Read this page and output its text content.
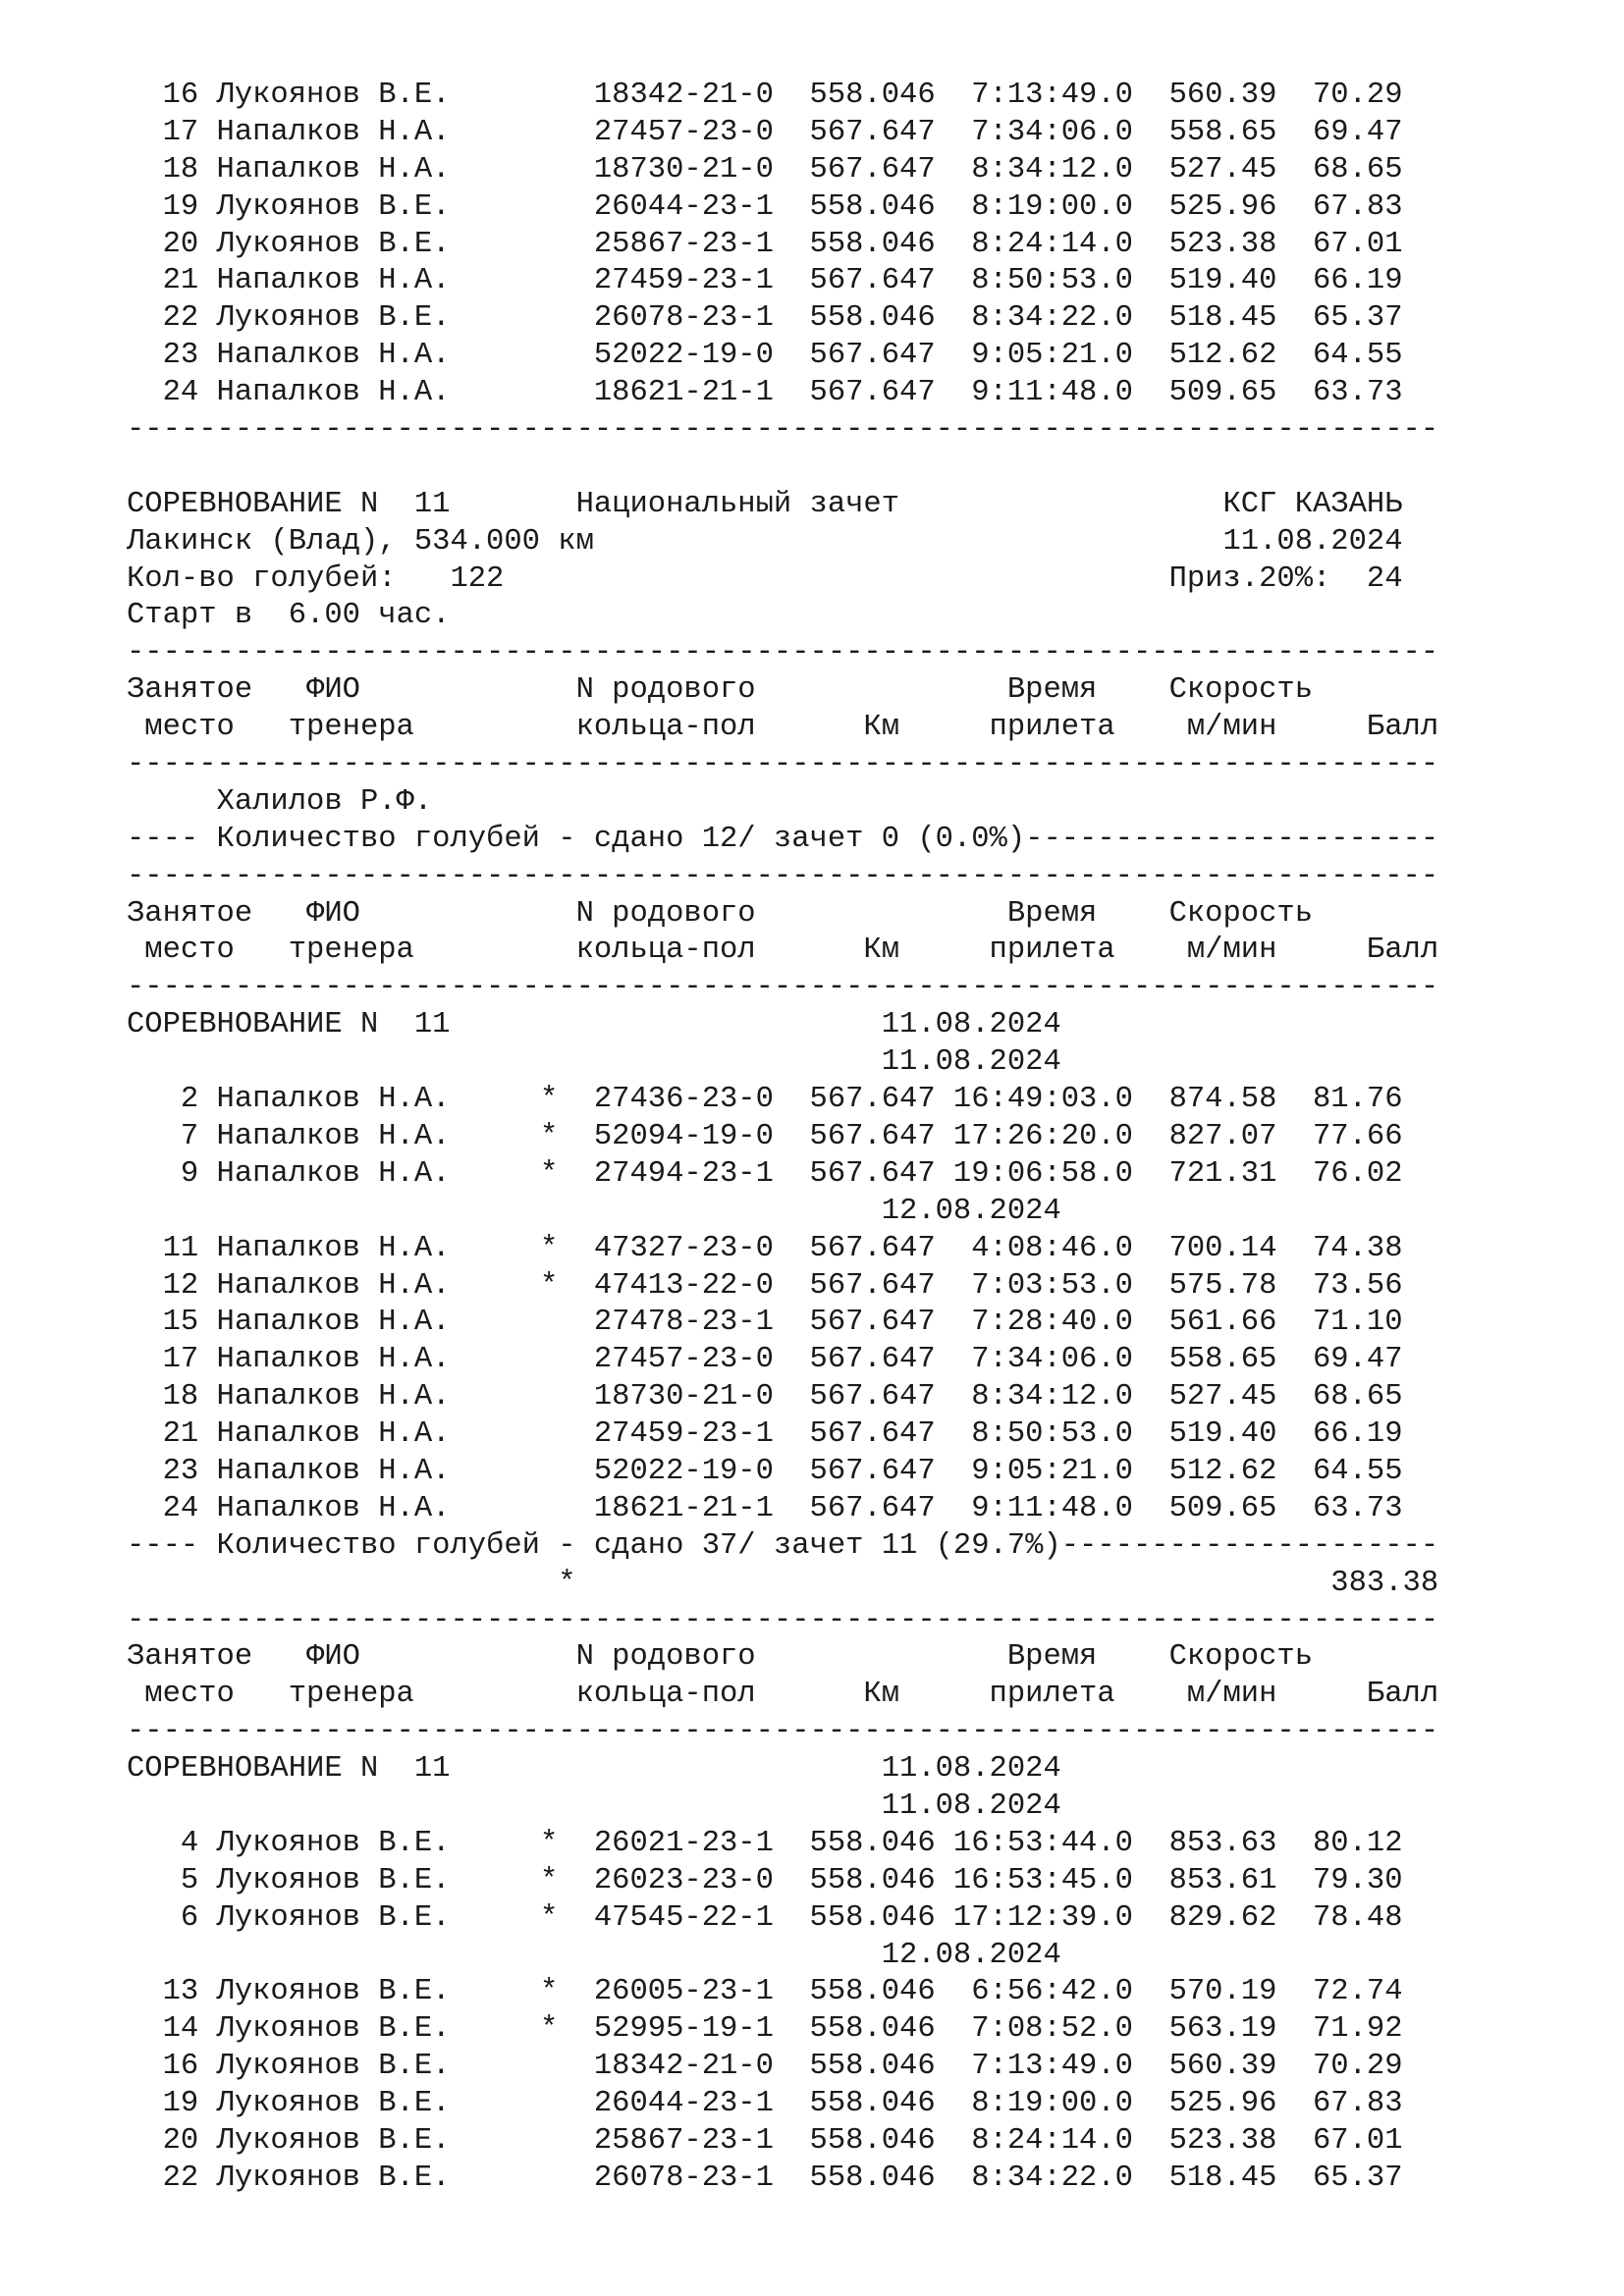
16 Лукоянов В.Е.        18342-21-0  558.046  7:13:49.0  560.39  70.29
17 Напалков Н.А.        27457-23-0  567.647  7:34:06.0  558.65  69.47
18 Напалков Н.А.        18730-21-0  567.647  8:34:12.0  527.45  68.65
19 Лукоянов В.Е.        26044-23-1  558.046  8:19:00.0  525.96  67.83
20 Лукоянов В.Е.        25867-23-1  558.046  8:24:14.0  523.38  67.01
21 Напалков Н.А.        27459-23-1  567.647  8:50:53.0  519.40  66.19
22 Лукоянов В.Е.        26078-23-1  558.046  8:34:22.0  518.45  65.37
23 Напалков Н.А.        52022-19-0  567.647  9:05:21.0  512.62  64.55
24 Напалков Н.А.        18621-21-1  567.647  9:11:48.0  509.65  63.73
-------------------------------------------------------------------------
СОРЕВНОВАНИЕ N  11       Национальный зачет                  КСГ КАЗАНЬ
Лакинск (Влад), 534.000 км                                   11.08.2024
Кол-во голубей:   122                                     Приз.20%:  24
Старт в  6.00 час.
-------------------------------------------------------------------------
Занятое   ФИО            N родового              Время    Скорость
место   тренера         кольца-пол      Км     прилета    м/мин     Балл
-------------------------------------------------------------------------
Халилов Р.Ф.
---- Количество голубей - сдано 12/ зачет 0 (0.0%)-----------------------
-------------------------------------------------------------------------
Занятое   ФИО            N родового              Время    Скорость
место   тренера         кольца-пол      Км     прилета    м/мин     Балл
-------------------------------------------------------------------------
СОРЕВНОВАНИЕ N  11                        11.08.2024
11.08.2024
2 Напалков Н.А.     *  27436-23-0  567.647 16:49:03.0  874.58  81.76
7 Напалков Н.А.     *  52094-19-0  567.647 17:26:20.0  827.07  77.66
9 Напалков Н.А.     *  27494-23-1  567.647 19:06:58.0  721.31  76.02
12.08.2024
11 Напалков Н.А.     *  47327-23-0  567.647  4:08:46.0  700.14  74.38
12 Напалков Н.А.     *  47413-22-0  567.647  7:03:53.0  575.78  73.56
15 Напалков Н.А.        27478-23-1  567.647  7:28:40.0  561.66  71.10
17 Напалков Н.А.        27457-23-0  567.647  7:34:06.0  558.65  69.47
18 Напалков Н.А.        18730-21-0  567.647  8:34:12.0  527.45  68.65
21 Напалков Н.А.        27459-23-1  567.647  8:50:53.0  519.40  66.19
23 Напалков Н.А.        52022-19-0  567.647  9:05:21.0  512.62  64.55
24 Напалков Н.А.        18621-21-1  567.647  9:11:48.0  509.65  63.73
---- Количество голубей - сдано 37/ зачет 11 (29.7%)---------------------
*                                          383.38
-------------------------------------------------------------------------
Занятое   ФИО            N родового              Время    Скорость
место   тренера         кольца-пол      Км     прилета    м/мин     Балл
-------------------------------------------------------------------------
СОРЕВНОВАНИЕ N  11                        11.08.2024
11.08.2024
4 Лукоянов В.Е.     *  26021-23-1  558.046 16:53:44.0  853.63  80.12
5 Лукоянов В.Е.     *  26023-23-0  558.046 16:53:45.0  853.61  79.30
6 Лукоянов В.Е.     *  47545-22-1  558.046 17:12:39.0  829.62  78.48
12.08.2024
13 Лукоянов В.Е.     *  26005-23-1  558.046  6:56:42.0  570.19  72.74
14 Лукоянов В.Е.     *  52995-19-1  558.046  7:08:52.0  563.19  71.92
16 Лукоянов В.Е.        18342-21-0  558.046  7:13:49.0  560.39  70.29
19 Лукоянов В.Е.        26044-23-1  558.046  8:19:00.0  525.96  67.83
20 Лукоянов В.Е.        25867-23-1  558.046  8:24:14.0  523.38  67.01
22 Лукоянов В.Е.        26078-23-1  558.046  8:34:22.0  518.45  65.37
